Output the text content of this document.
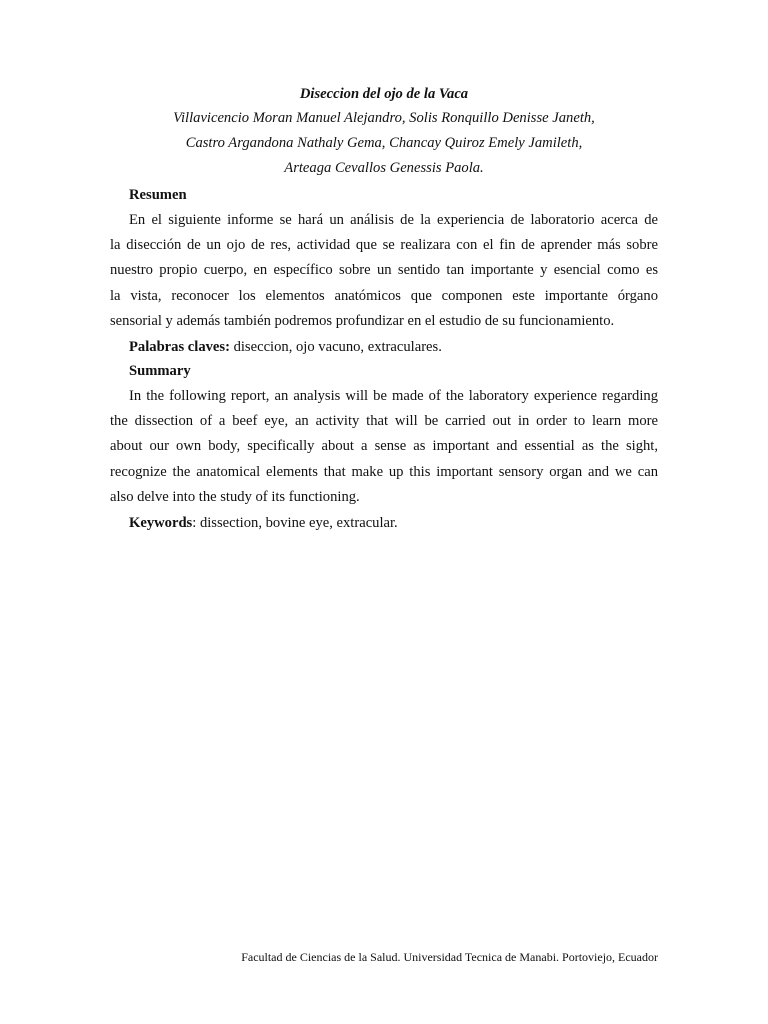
Diseccion del ojo de la Vaca
Villavicencio Moran Manuel Alejandro, Solis Ronquillo Denisse Janeth,
Castro Argandona Nathaly Gema, Chancay Quiroz Emely Jamileth,
Arteaga Cevallos Genessis Paola.
Resumen
En el siguiente informe se hará un análisis de la experiencia de laboratorio acerca de
la disección de un ojo de res, actividad que se realizara con el fin de aprender más sobre
nuestro propio cuerpo, en específico sobre un sentido tan importante y esencial como es
la vista, reconocer los elementos anatómicos que componen este importante órgano
sensorial y además también podremos profundizar en el estudio de su funcionamiento.
Palabras claves: diseccion, ojo vacuno, extraculares.
Summary
In the following report, an analysis will be made of the laboratory experience regarding
the dissection of a beef eye, an activity that will be carried out in order to learn more
about our own body, specifically about a sense as important and essential as the sight,
recognize the anatomical elements that make up this important sensory organ and we can
also delve into the study of its functioning.
Keywords: dissection, bovine eye, extracular.
Facultad de Ciencias de la Salud. Universidad Tecnica de Manabi. Portoviejo, Ecuador
